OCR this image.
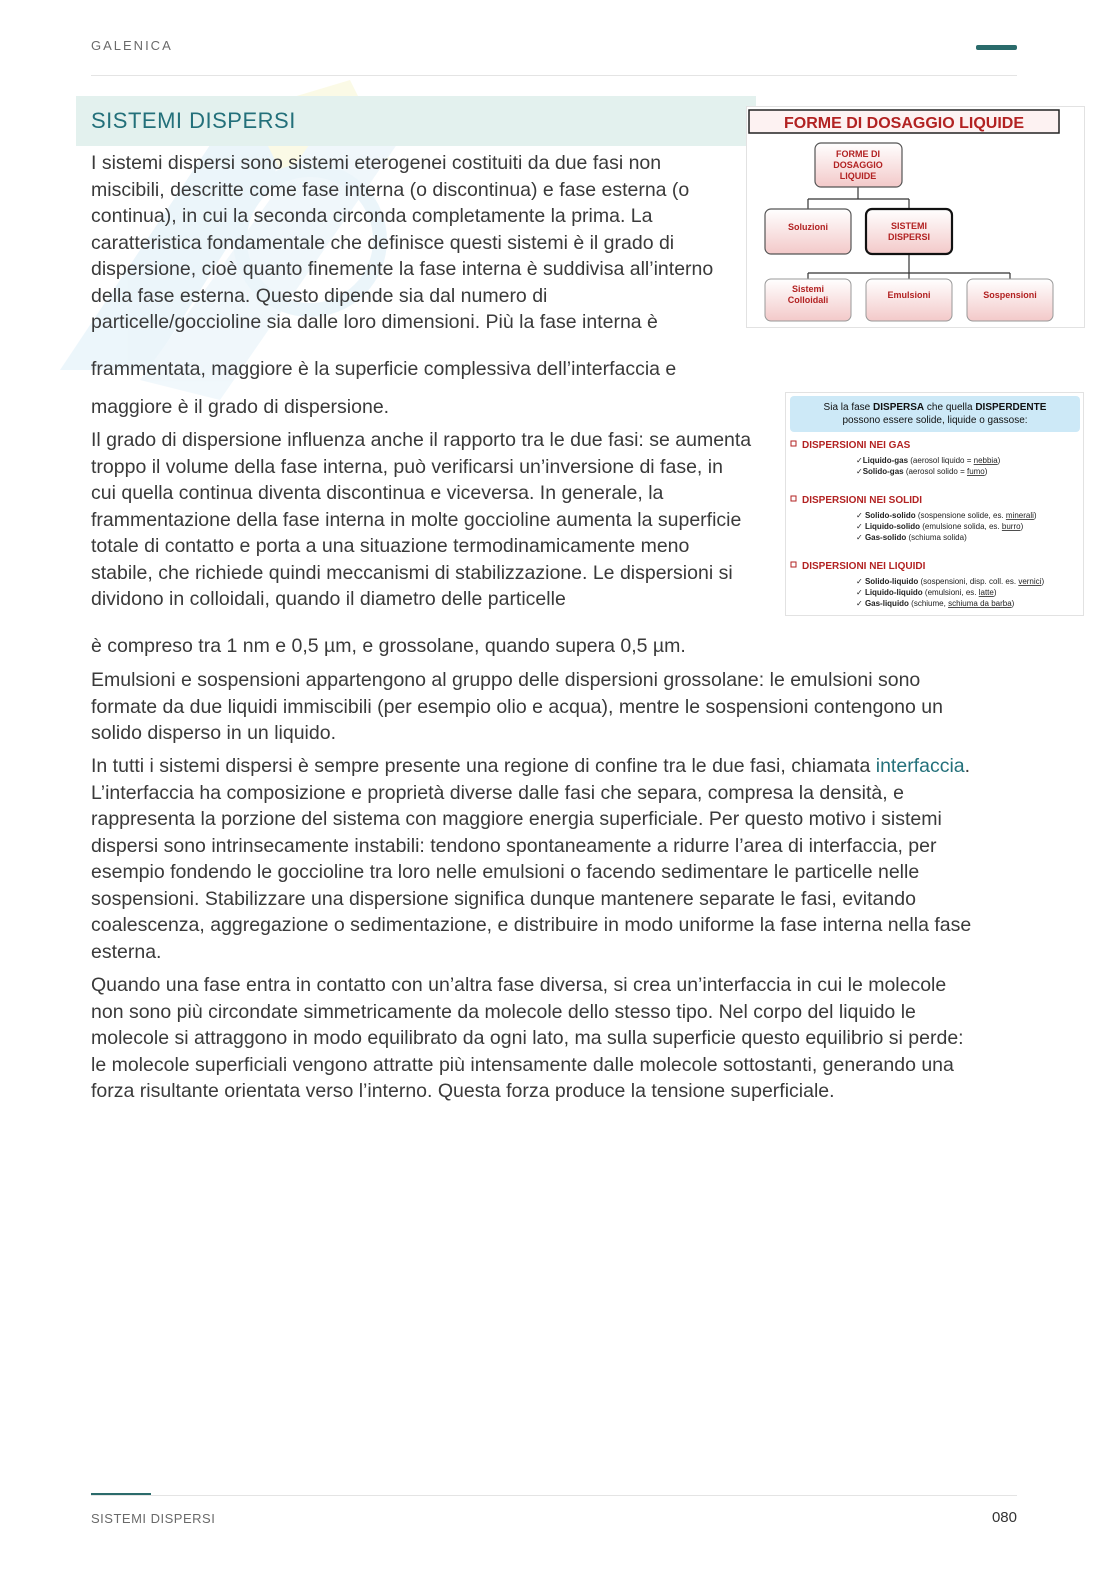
GALENICA
SISTEMI DISPERSI
I sistemi dispersi sono sistemi eterogenei costituiti da due fasi non
miscibili, descritte come fase interna (o discontinua) e fase esterna (o
continua), in cui la seconda circonda completamente la prima. La
caratteristica fondamentale che definisce questi sistemi è il grado di
dispersione, cioè quanto finemente la fase interna è suddivisa all’interno
della fase esterna. Questo dipende sia dal numero di
particelle/goccioline sia dalle loro dimensioni. Più la fase interna è
frammentata, maggiore è la superficie complessiva dell’interfaccia e
maggiore è il grado di dispersione.
Il grado di dispersione influenza anche il rapporto tra le due fasi: se aumenta
troppo il volume della fase interna, può verificarsi un’inversione di fase, in
cui quella continua diventa discontinua e viceversa. In generale, la
frammentazione della fase interna in molte goccioline aumenta la superficie
totale di contatto e porta a una situazione termodinamicamente meno
stabile, che richiede quindi meccanismi di stabilizzazione. Le dispersioni si
dividono in colloidali, quando il diametro delle particelle
è compreso tra 1 nm e 0,5 µm, e grossolane, quando supera 0,5 µm.
Emulsioni e sospensioni appartengono al gruppo delle dispersioni grossolane: le emulsioni sono
formate da due liquidi immiscibili (per esempio olio e acqua), mentre le sospensioni contengono un
solido disperso in un liquido.
In tutti i sistemi dispersi è sempre presente una regione di confine tra le due fasi, chiamata interfaccia.
L’interfaccia ha composizione e proprietà diverse dalle fasi che separa, compresa la densità, e
rappresenta la porzione del sistema con maggiore energia superficiale. Per questo motivo i sistemi
dispersi sono intrinsecamente instabili: tendono spontaneamente a ridurre l’area di interfaccia, per
esempio fondendo le goccioline tra loro nelle emulsioni o facendo sedimentare le particelle nelle
sospensioni. Stabilizzare una dispersione significa dunque mantenere separate le fasi, evitando
coalescenza, aggregazione o sedimentazione, e distribuire in modo uniforme la fase interna nella fase
esterna.
Quando una fase entra in contatto con un’altra fase diversa, si crea un’interfaccia in cui le molecole
non sono più circondate simmetricamente da molecole dello stesso tipo. Nel corpo del liquido le
molecole si attraggono in modo equilibrato da ogni lato, ma sulla superficie questo equilibrio si perde:
le molecole superficiali vengono attratte più intensamente dalle molecole sottostanti, generando una
forza risultante orientata verso l’interno. Questa forza produce la tensione superficiale.
FORME DI DOSAGGIO LIQUIDE
FORME DI
DOSAGGIO
LIQUIDE
Soluzioni	SISTEMI
DISPERSI
Sistemi
Colloidali	Emulsioni	Sospensioni
Sia la fase DISPERSA che quella DISPERDENTE
possono essere solide, liquide o gassose:
DISPERSIONI NEI GAS
✓Liquido-gas (aerosol liquido = nebbia)
✓Solido-gas (aerosol solido = fumo)
DISPERSIONI NEI SOLIDI
✓ Solido-solido (sospensione solide, es. minerali)
✓ Liquido-solido (emulsione solida, es. burro)
✓ Gas-solido (schiuma solida)
DISPERSIONI NEI LIQUIDI
✓ Solido-liquido (sospensioni, disp. coll. es. vernici)
✓ Liquido-liquido (emulsioni, es. latte)
✓ Gas-liquido (schiume, schiuma da barba)
SISTEMI DISPERSI	080
